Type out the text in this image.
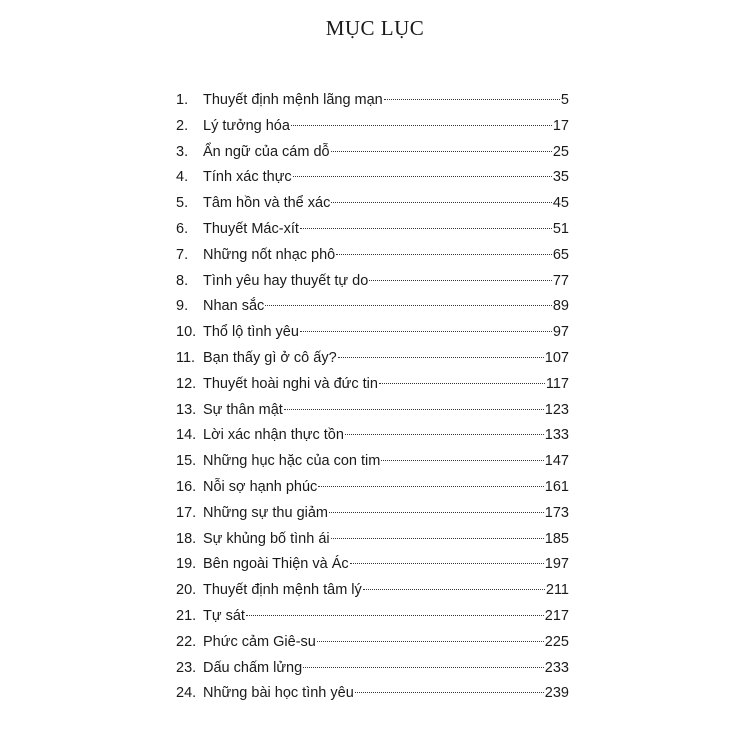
MỤC LỤC
1.	Thuyết định mệnh lãng mạn	5
2.	Lý tưởng hóa	17
3.	Ẩn ngữ của cám dỗ	25
4.	Tính xác thực	35
5.	Tâm hồn và thể xác	45
6.	Thuyết Mác-xít	51
7.	Những nốt nhạc phô	65
8.	Tình yêu hay thuyết tự do	77
9.	Nhan sắc	89
10. Thổ lộ tình yêu	97
11. Bạn thấy gì ở cô ấy?	107
12. Thuyết hoài nghi và đức tin	117
13. Sự thân mật	123
14. Lời xác nhận thực tồn	133
15. Những hục hặc của con tim	147
16. Nỗi sợ hạnh phúc	161
17. Những sự thu giảm	173
18. Sự khủng bố tình ái	185
19. Bên ngoài Thiện và Ác	197
20. Thuyết định mệnh tâm lý	211
21. Tự sát	217
22. Phức cảm Giê-su	225
23. Dấu chấm lửng	233
24. Những bài học tình yêu	239
